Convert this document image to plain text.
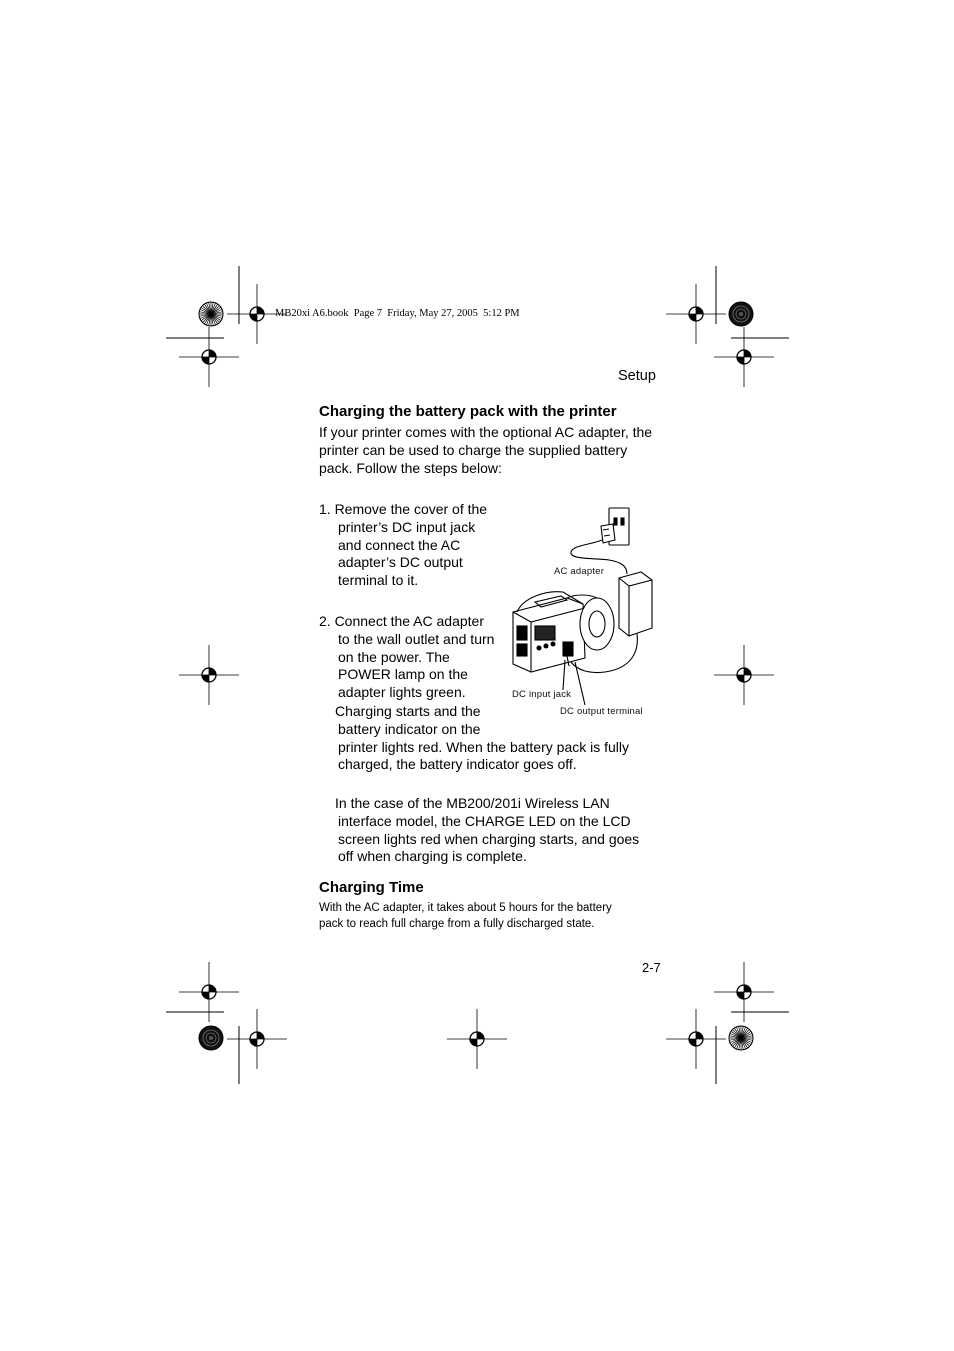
MB20xi A6.book  Page 7  Friday, May 27, 2005  5:12 PM
Setup
Charging the battery pack with the printer
If your printer comes with the optional AC adapter, the
printer can be used to charge the supplied battery
pack. Follow the steps below:
1. Remove the cover of the
printer’s DC input jack
and connect the AC
adapter’s DC output
terminal to it.
2. Connect the AC adapter
to the wall outlet and turn
on the power. The
POWER lamp on the
adapter lights green.
Charging starts and the
battery indicator on the
printer lights red. When the battery pack is fully
charged, the battery indicator goes off.
In the case of the MB200/201i Wireless LAN
interface model, the CHARGE LED on the LCD
screen lights red when charging starts, and goes
off when charging is complete.
AC adapter
DC input jack
DC output terminal
Charging Time
With the AC adapter, it takes about 5 hours for the battery
pack to reach full charge from a fully discharged state.
2-7
